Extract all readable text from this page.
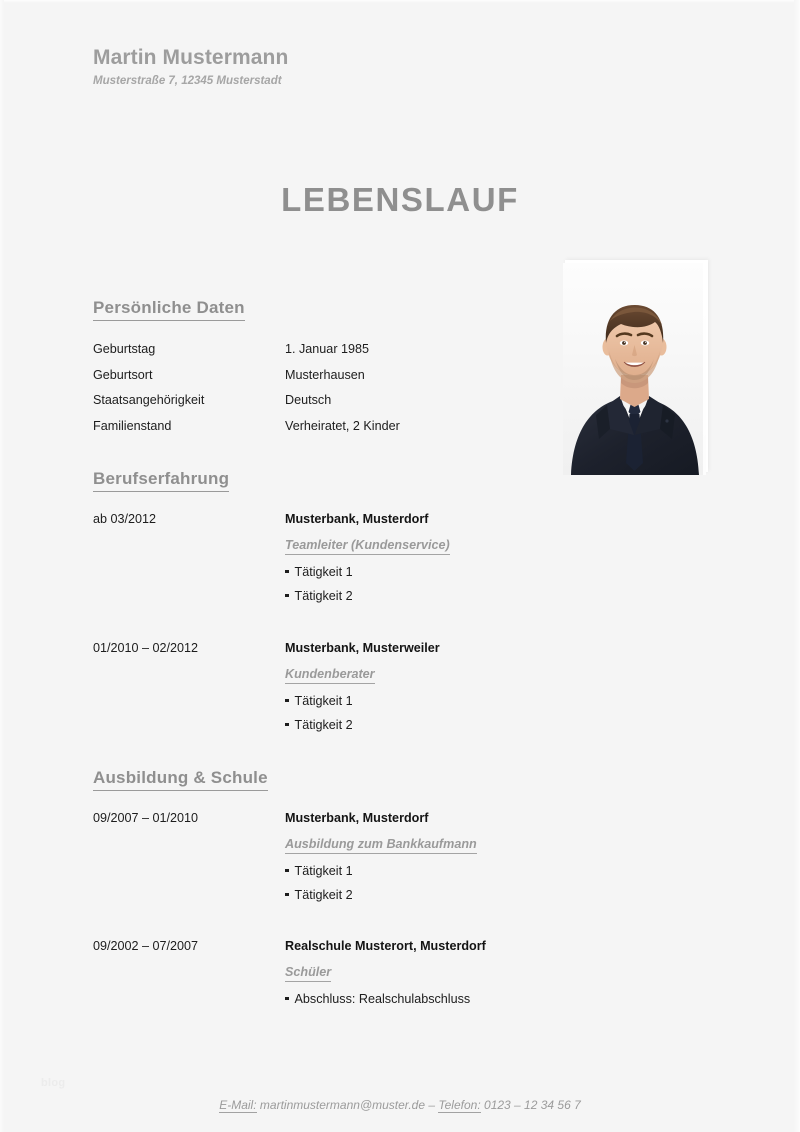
Martin Mustermann
Musterstraße 7, 12345 Musterstadt
LEBENSLAUF
Persönliche Daten
Geburtstag	1. Januar 1985
Geburtsort	Musterhausen
Staatsangehörigkeit	Deutsch
Familienstand	Verheiratet, 2 Kinder
Berufserfahrung
ab 03/2012	Musterbank, Musterdorf
Teamleiter (Kundenservice)
Tätigkeit 1
Tätigkeit 2
01/2010 – 02/2012	Musterbank, Musterweiler
Kundenberater
Tätigkeit 1
Tätigkeit 2
Ausbildung & Schule
09/2007 – 01/2010	Musterbank, Musterdorf
Ausbildung zum Bankkaufmann
Tätigkeit 1
Tätigkeit 2
09/2002 – 07/2007	Realschule Musterort, Musterdorf
Schüler
Abschluss: Realschulabschluss
blog
E-Mail: martinmustermann@muster.de – Telefon: 0123 – 12 34 56 7
